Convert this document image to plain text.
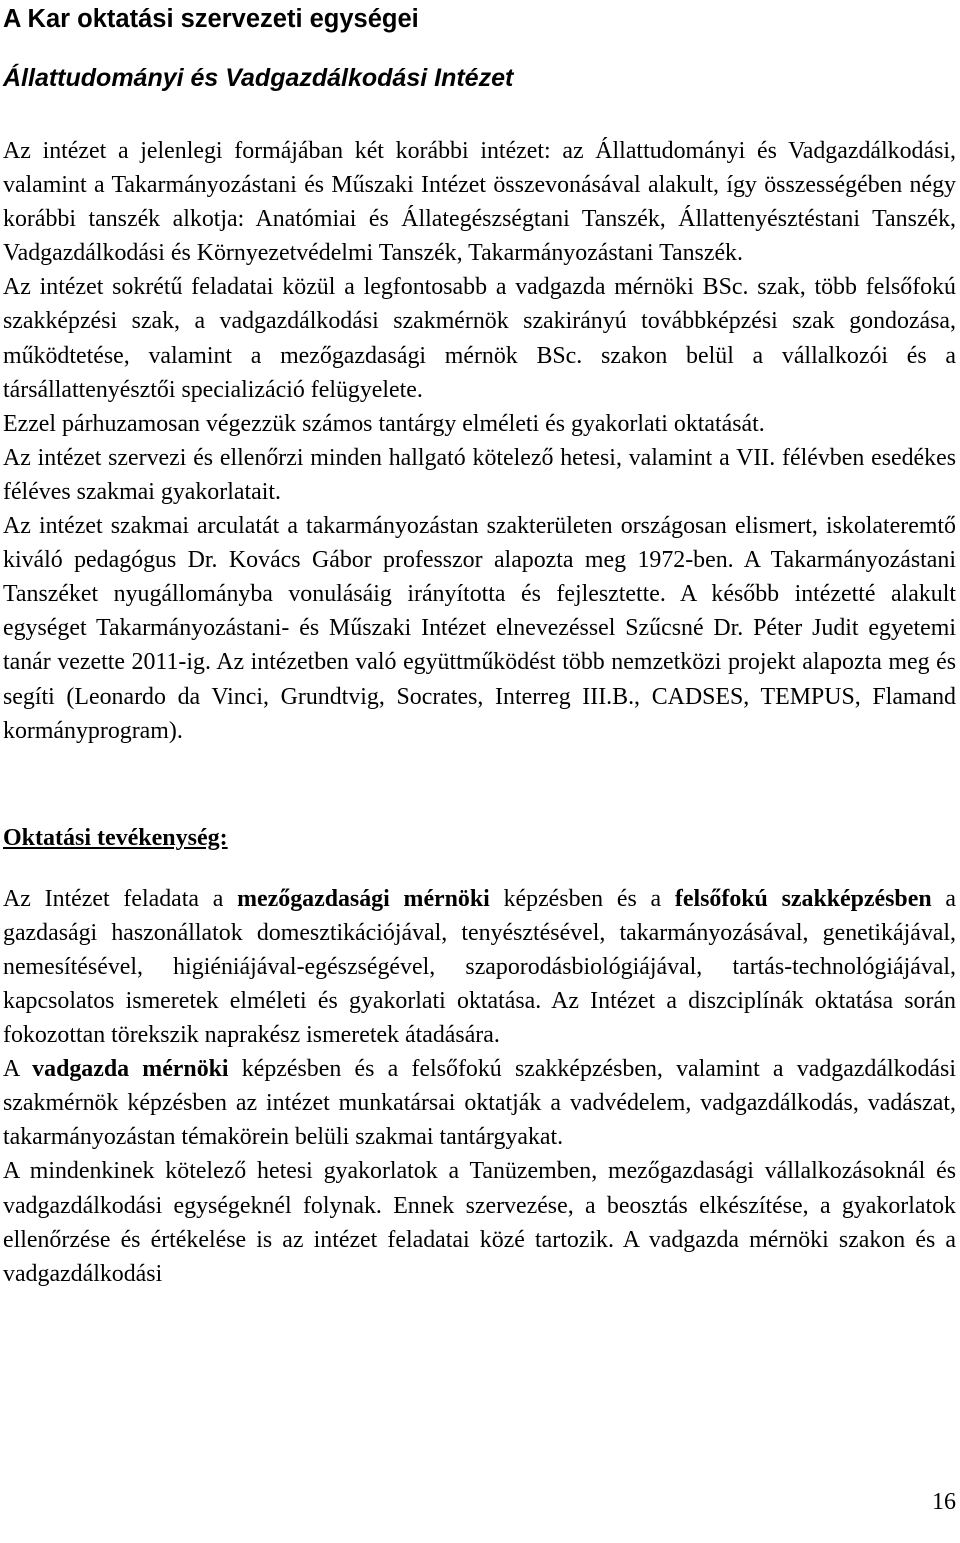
A Kar oktatási szervezeti egységei
Állattudományi és Vadgazdálkodási Intézet

Az intézet a jelenlegi formájában két korábbi intézet: az Állattudományi és Vadgazdálkodási, valamint a Takarmányozástani és Műszaki Intézet összevonásával alakult, így összességében négy korábbi tanszék alkotja: Anatómiai és Állategészségtani Tanszék, Állattenyésztéstani Tanszék, Vadgazdálkodási és Környezetvédelmi Tanszék, Takarmányozástani Tanszék.

Az intézet sokrétű feladatai közül a legfontosabb a vadgazda mérnöki BSc. szak, több felsőfokú szakképzési szak, a vadgazdálkodási szakmérnök szakirányú továbbképzési szak gondozása, működtetése, valamint a mezőgazdasági mérnök BSc. szakon belül a vállalkozói és a társállattenyésztői specializáció felügyelete.

Ezzel párhuzamosan végezzük számos tantárgy elméleti és gyakorlati oktatását.

Az intézet szervezi és ellenőrzi minden hallgató kötelező hetesi, valamint a VII. félévben esedékes féléves szakmai gyakorlatait.

Az intézet szakmai arculatát a takarmányozástan szakterületen országosan elismert, iskolateremtő kiváló pedagógus Dr. Kovács Gábor professzor alapozta meg 1972-ben. A Takarmányozástani Tanszéket nyugállományba vonulásáig irányította és fejlesztette. A később intézetté alakult egységet Takarmányozástani- és Műszaki Intézet elnevezéssel Szűcsné Dr. Péter Judit egyetemi tanár vezette 2011-ig. Az intézetben való együttműködést több nemzetközi projekt alapozta meg és segíti (Leonardo da Vinci, Grundtvig, Socrates, Interreg III.B., CADSES, TEMPUS, Flamand kormányprogram).

Oktatási tevékenység:

Az Intézet feladata a mezőgazdasági mérnöki képzésben és a felsőfokú szakképzésben a gazdasági haszonállatok domesztikációjával, tenyésztésével, takarmányozásával, genetikájával, nemesítésével, higiéniájával-egészségével, szaporodásbiológiájával, tartás-technológiájával, kapcsolatos ismeretek elméleti és gyakorlati oktatása. Az Intézet a diszciplínák oktatása során fokozottan törekszik naprakész ismeretek átadására.

A vadgazda mérnöki képzésben és a felsőfokú szakképzésben, valamint a vadgazdálkodási szakmérnök képzésben az intézet munkatársai oktatják a vadvédelem, vadgazdálkodás, vadászat, takarmányozástan témakörein belüli szakmai tantárgyakat.

A mindenkinek kötelező hetesi gyakorlatok a Tanüzemben, mezőgazdasági vállalkozásoknál és vadgazdálkodási egységeknél folynak. Ennek szervezése, a beosztás elkészítése, a gyakorlatok ellenőrzése és értékelése is az intézet feladatai közé tartozik. A vadgazda mérnöki szakon és a vadgazdálkodási

16
